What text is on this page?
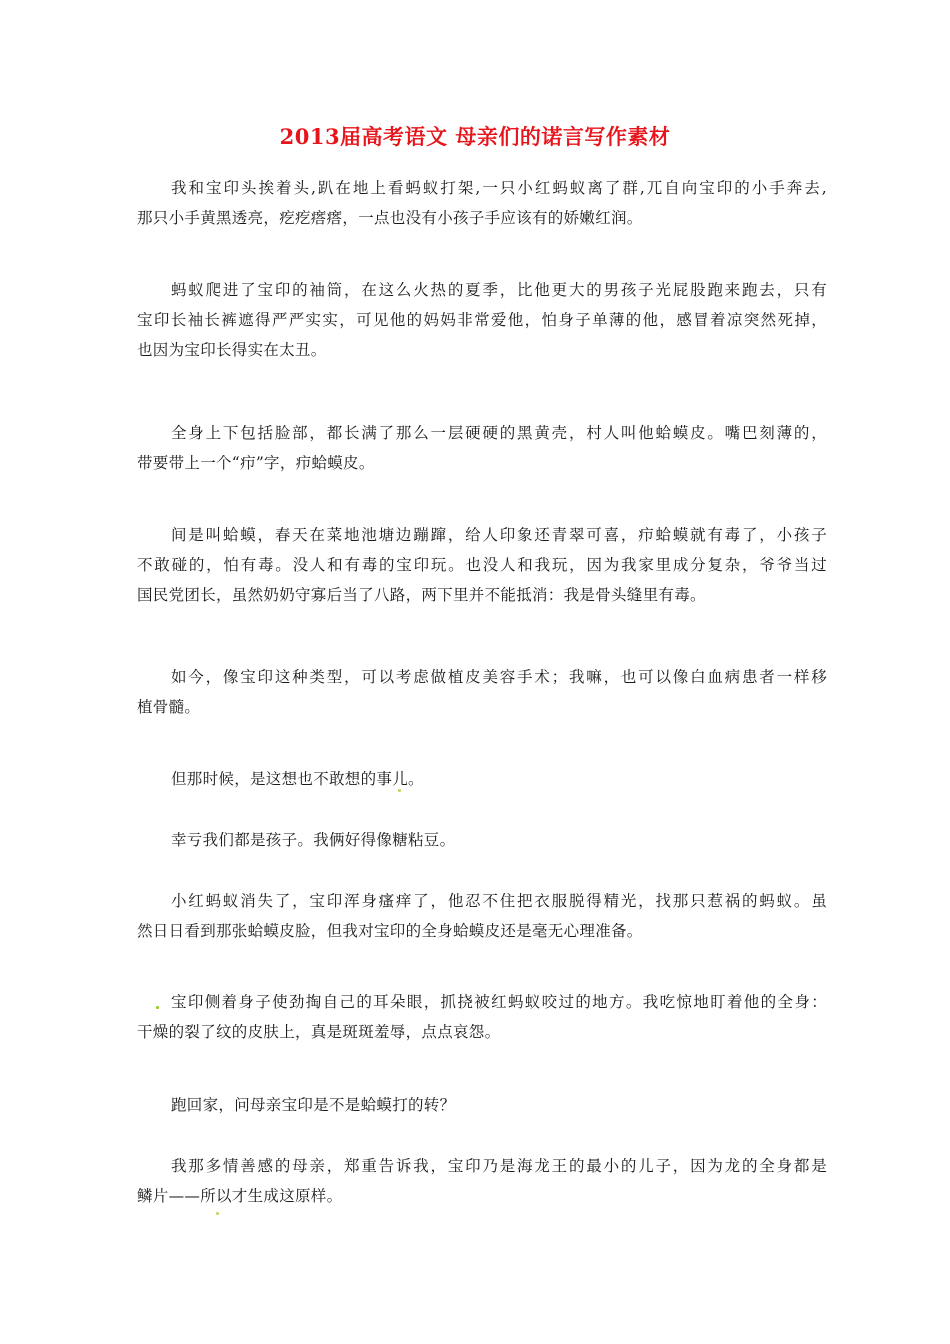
2013届高考语文 母亲们的诺言写作素材
我和宝印头挨着头,趴在地上看蚂蚁打架,一只小红蚂蚁离了群,兀自向宝印的小手奔去,
那只小手黄黑透亮，疙疙瘩瘩，一点也没有小孩子手应该有的娇嫩红润。
蚂蚁爬进了宝印的袖筒，在这么火热的夏季，比他更大的男孩子光屁股跑来跑去，只有
宝印长袖长裤遮得严严实实，可见他的妈妈非常爱他，怕身子单薄的他，感冒着凉突然死掉，
也因为宝印长得实在太丑。
全身上下包括脸部，都长满了那么一层硬硬的黑黄壳，村人叫他蛤蟆皮。嘴巴刻薄的，
带要带上一个“疖”字，疖蛤蟆皮。
间是叫蛤蟆，春天在菜地池塘边蹦蹿，给人印象还青翠可喜，疖蛤蟆就有毒了，小孩子
不敢碰的，怕有毒。没人和有毒的宝印玩。也没人和我玩，因为我家里成分复杂，爷爷当过
国民党团长，虽然奶奶守寡后当了八路，两下里并不能抵消：我是骨头缝里有毒。
如今，像宝印这种类型，可以考虑做植皮美容手术；我嘛，也可以像白血病患者一样移
植骨髓。
但那时候，是这想也不敢想的事儿。
幸亏我们都是孩子。我俩好得像糖粘豆。
小红蚂蚁消失了，宝印浑身瘙痒了，他忍不住把衣服脱得精光，找那只惹祸的蚂蚁。虽
然日日看到那张蛤蟆皮脸，但我对宝印的全身蛤蟆皮还是毫无心理准备。
宝印侧着身子使劲掏自己的耳朵眼，抓挠被红蚂蚁咬过的地方。我吃惊地盯着他的全身：
干燥的裂了纹的皮肤上，真是斑斑羞辱，点点哀怨。
跑回家，问母亲宝印是不是蛤蟆打的转？
我那多情善感的母亲，郑重告诉我，宝印乃是海龙王的最小的儿子，因为龙的全身都是
鳞片——所以才生成这原样。
